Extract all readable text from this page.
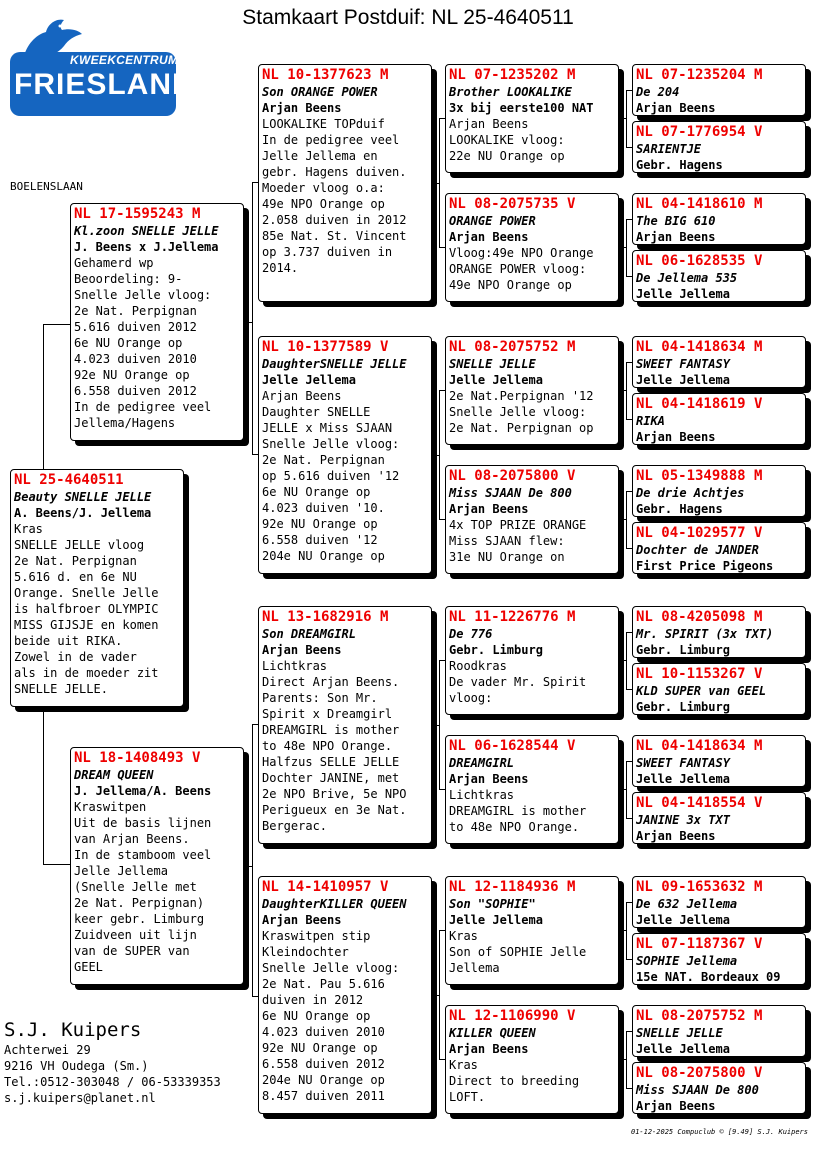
Stamkaart Postduif: NL 25-4640511
KWEEKCENTRUM
FRIESLAND
BOELENSLAAN
NL 25-4640511
Beauty SNELLE JELLE
A. Beens/J. Jellema
Kras
SNELLE JELLE vloog
2e Nat. Perpignan
5.616 d. en 6e NU
Orange. Snelle Jelle
is halfbroer OLYMPIC
MISS GIJSJE en komen
beide uit RIKA.
Zowel in de vader
als in de moeder zit
SNELLE JELLE.
NL 17-1595243 M
Kl.zoon SNELLE JELLE
J. Beens x J.Jellema
Gehamerd wp
Beoordeling: 9-
Snelle Jelle vloog:
2e Nat. Perpignan
5.616 duiven 2012
6e NU Orange op
4.023 duiven 2010
92e NU Orange op
6.558 duiven 2012
In de pedigree veel
Jellema/Hagens
NL 18-1408493 V
DREAM QUEEN
J. Jellema/A. Beens
Kraswitpen
Uit de basis lijnen
van Arjan Beens.
In de stamboom veel
Jelle Jellema
(Snelle Jelle met
2e Nat. Perpignan)
keer gebr. Limburg
Zuidveen uit lijn
van de SUPER van
GEEL
NL 10-1377623 M
Son ORANGE POWER
Arjan Beens
LOOKALIKE TOPduif
In de pedigree veel
Jelle Jellema en
gebr. Hagens duiven.
Moeder vloog o.a:
49e NPO Orange op
2.058 duiven in 2012
85e Nat. St. Vincent
op 3.737 duiven in
2014.
NL 10-1377589 V
DaughterSNELLE JELLE
Jelle Jellema
Arjan Beens
Daughter SNELLE
JELLE x Miss SJAAN
Snelle Jelle vloog:
2e Nat. Perpignan
op 5.616 duiven '12
6e NU Orange op
4.023 duiven '10.
92e NU Orange op
6.558 duiven '12
204e NU Orange op
NL 13-1682916 M
Son DREAMGIRL
Arjan Beens
Lichtkras
Direct Arjan Beens.
Parents: Son Mr.
Spirit x Dreamgirl
DREAMGIRL is mother
to 48e NPO Orange.
Halfzus SELLE JELLE
Dochter JANINE, met
2e NPO Brive, 5e NPO
Perigueux en 3e Nat.
Bergerac.
NL 14-1410957 V
DaughterKILLER QUEEN
Arjan Beens
Kraswitpen stip
Kleindochter
Snelle Jelle vloog:
2e Nat. Pau 5.616
duiven in 2012
6e NU Orange op
4.023 duiven 2010
92e NU Orange op
6.558 duiven 2012
204e NU Orange op
8.457 duiven 2011
NL 07-1235202 M
Brother LOOKALIKE
3x bij eerste100 NAT
Arjan Beens
LOOKALIKE vloog:
22e NU Orange op
NL 08-2075735 V
ORANGE POWER
Arjan Beens
Vloog:49e NPO Orange
ORANGE POWER vloog:
49e NPO Orange op
NL 08-2075752 M
SNELLE JELLE
Jelle Jellema
2e Nat.Perpignan '12
Snelle Jelle vloog:
2e Nat. Perpignan op
NL 08-2075800 V
Miss SJAAN De 800
Arjan Beens
4x TOP PRIZE ORANGE
Miss SJAAN flew:
31e NU Orange on
NL 11-1226776 M
De 776
Gebr. Limburg
Roodkras
De vader Mr. Spirit
vloog:
NL 06-1628544 V
DREAMGIRL
Arjan Beens
Lichtkras
DREAMGIRL is mother
to 48e NPO Orange.
NL 12-1184936 M
Son "SOPHIE"
Jelle Jellema
Kras
Son of SOPHIE Jelle
Jellema
NL 12-1106990 V
KILLER QUEEN
Arjan Beens
Kras
Direct to breeding
LOFT.
NL 07-1235204 M
De 204
Arjan Beens
NL 07-1776954 V
SARIENTJE
Gebr. Hagens
NL 04-1418610 M
The BIG 610
Arjan Beens
NL 06-1628535 V
De Jellema 535
Jelle Jellema
NL 04-1418634 M
SWEET FANTASY
Jelle Jellema
NL 04-1418619 V
RIKA
Arjan Beens
NL 05-1349888 M
De drie Achtjes
Gebr. Hagens
NL 04-1029577 V
Dochter de JANDER
First Price Pigeons
NL 08-4205098 M
Mr. SPIRIT (3x TXT)
Gebr. Limburg
NL 10-1153267 V
KLD SUPER van GEEL
Gebr. Limburg
NL 04-1418634 M
SWEET FANTASY
Jelle Jellema
NL 04-1418554 V
JANINE 3x TXT
Arjan Beens
NL 09-1653632 M
De 632 Jellema
Jelle Jellema
NL 07-1187367 V
SOPHIE Jellema
15e NAT. Bordeaux 09
NL 08-2075752 M
SNELLE JELLE
Jelle Jellema
NL 08-2075800 V
Miss SJAAN De 800
Arjan Beens
S.J. Kuipers
Achterwei 29
9216 VH Oudega (Sm.)
Tel.:0512-303048 / 06-53339353
s.j.kuipers@planet.nl
01-12-2025 Compuclub © [9.49] S.J. Kuipers
